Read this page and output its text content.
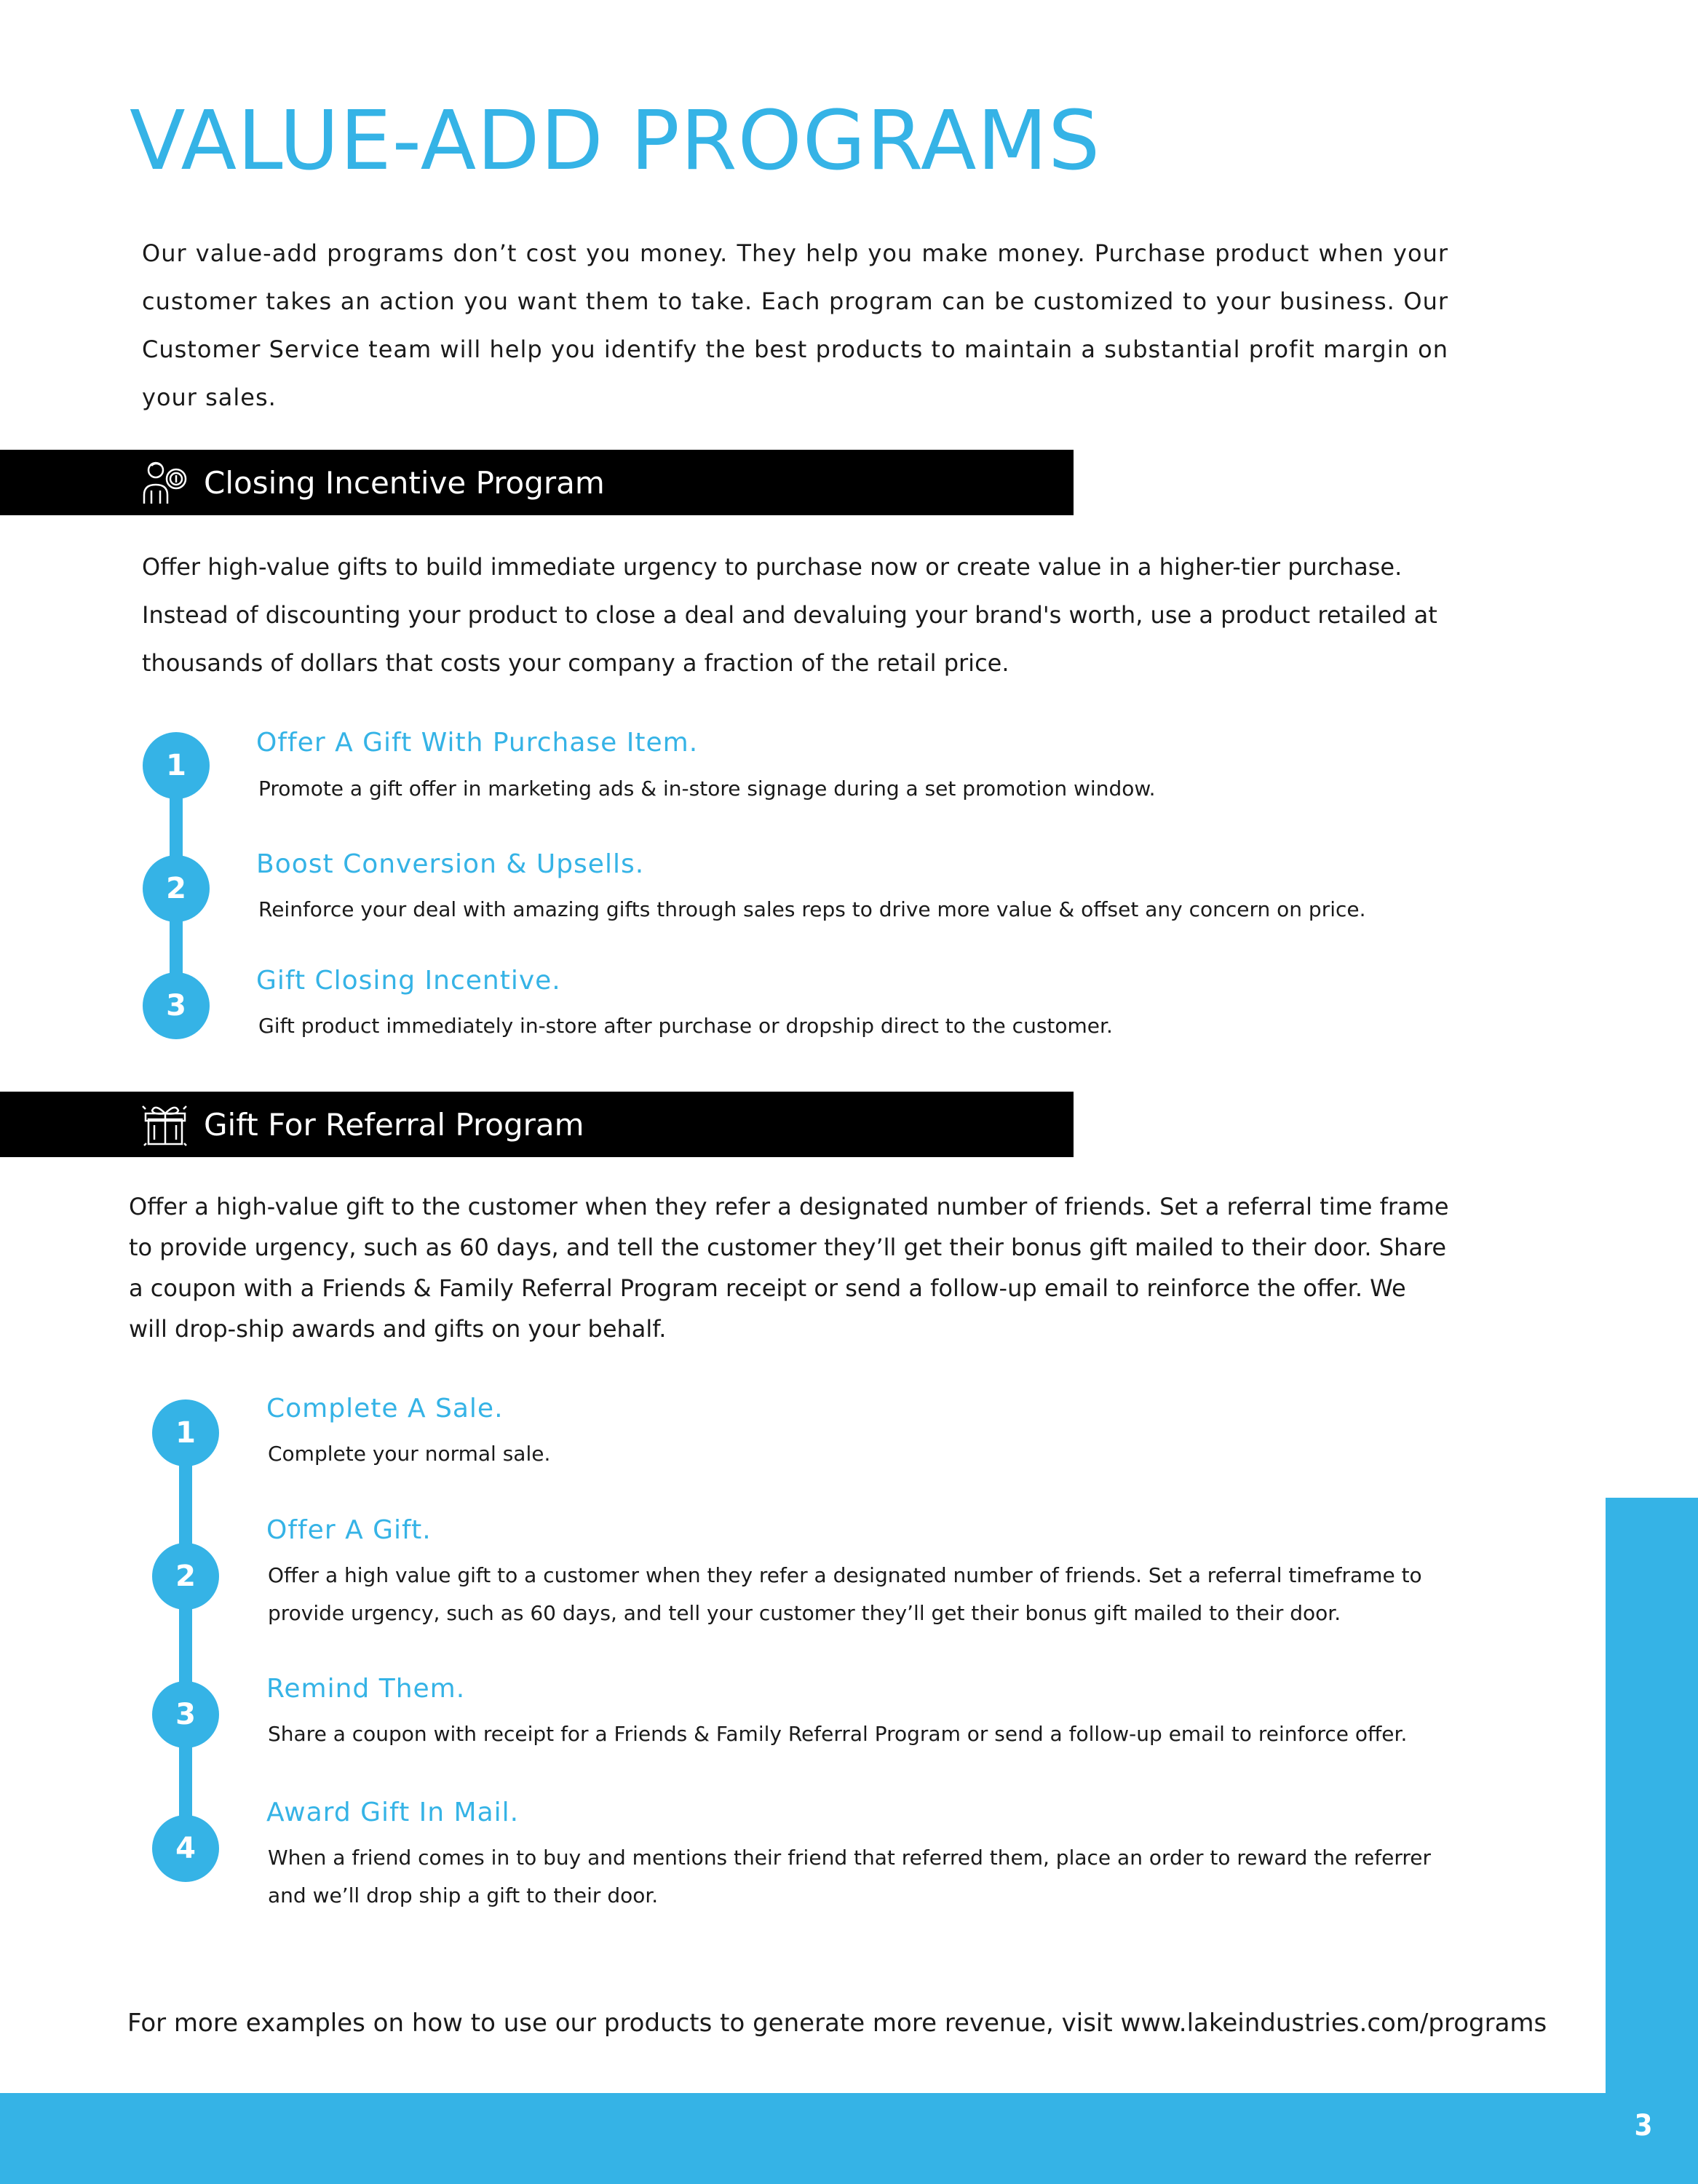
VALUE-ADD PROGRAMS

Our value-add programs don’t cost you money. They help you make money. Purchase product when your customer takes an action you want them to take. Each program can be customized to your business. Our Customer Service team will help you identify the best products to maintain a substantial profit margin on your sales.

Closing Incentive Program

Offer high-value gifts to build immediate urgency to purchase now or create value in a higher-tier purchase. Instead of discounting your product to close a deal and devaluing your brand's worth, use a product retailed at thousands of dollars that costs your company a fraction of the retail price.

1
Offer A Gift With Purchase Item.
Promote a gift offer in marketing ads & in-store signage during a set promotion window.
2
Boost Conversion & Upsells.
Reinforce your deal with amazing gifts through sales reps to drive more value & offset any concern on price.
3
Gift Closing Incentive.
Gift product immediately in-store after purchase or dropship direct to the customer.
Gift For Referral Program

Offer a high-value gift to the customer when they refer a designated number of friends. Set a referral time frame to provide urgency, such as 60 days, and tell the customer they’ll get their bonus gift mailed to their door. Share a coupon with a Friends & Family Referral Program receipt or send a follow-up email to reinforce the offer. We will drop-ship awards and gifts on your behalf.

1
Complete A Sale.
Complete your normal sale.
2
Offer A Gift.
Offer a high value gift to a customer when they refer a designated number of friends. Set a referral timeframe to provide urgency, such as 60 days, and tell your customer they’ll get their bonus gift mailed to their door.
3
Remind Them.
Share a coupon with receipt for a Friends & Family Referral Program or send a follow-up email to reinforce offer.
4
Award Gift In Mail.
When a friend comes in to buy and mentions their friend that referred them, place an order to reward the referrer and we’ll drop ship a gift to their door.
For more examples on how to use our products to generate more revenue, visit www.lakeindustries.com/programs
3
